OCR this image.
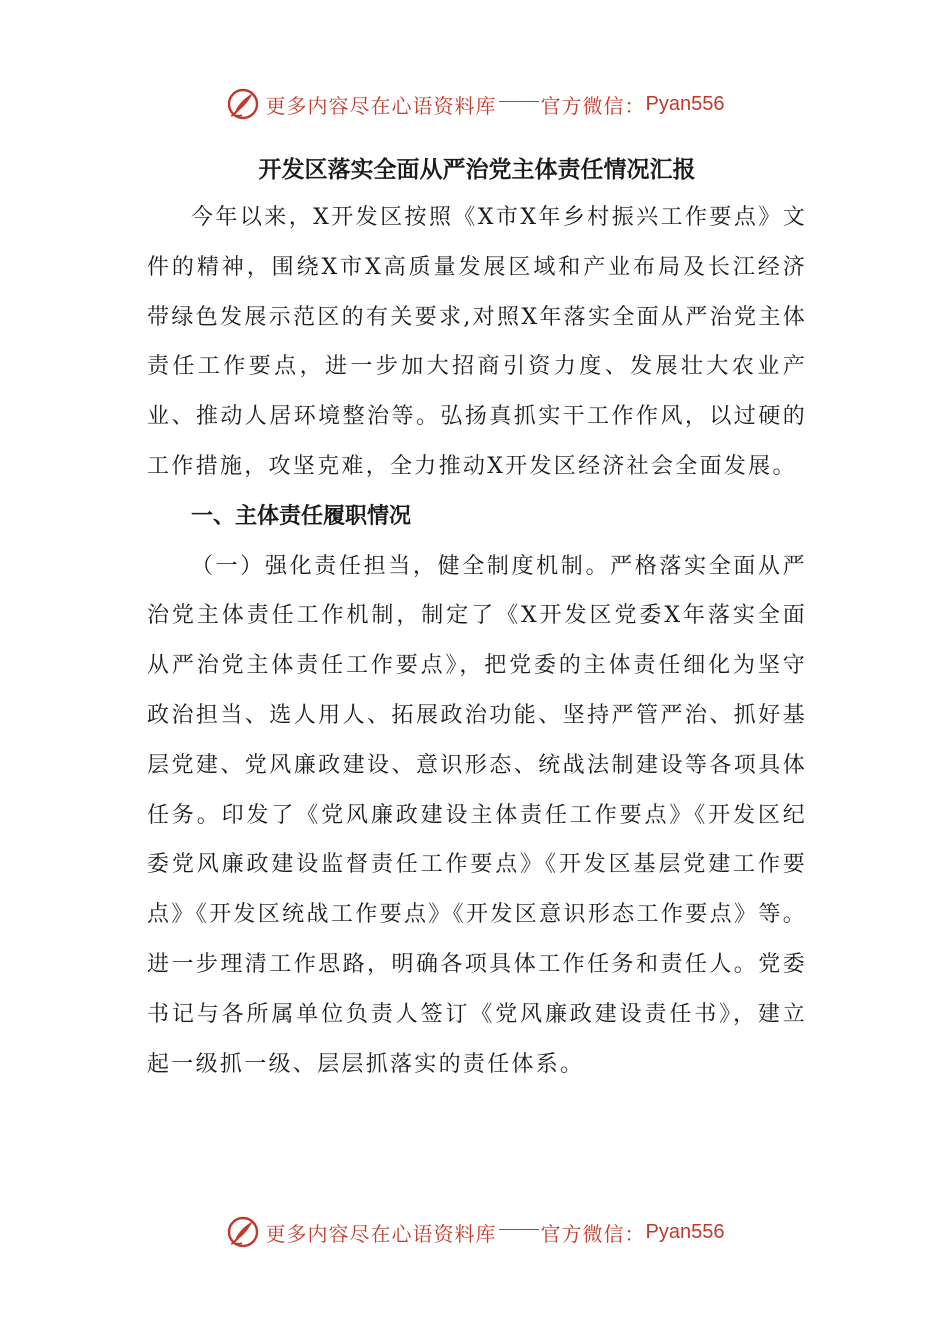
更多内容尽在心语资料库 官方微信： Pyan556
开发区落实全面从严治党主体责任情况汇报

今年以来，X开发区按照《X市X年乡村振兴工作要点》文件的精神，围绕X市X高质量发展区域和产业布局及长江经济带绿色发展示范区的有关要求,对照X年落实全面从严治党主体责任工作要点，进一步加大招商引资力度、发展壮大农业产业、推动人居环境整治等。弘扬真抓实干工作作风，以过硬的工作措施，攻坚克难，全力推动X开发区经济社会全面发展。

一、主体责任履职情况

（一）强化责任担当，健全制度机制。严格落实全面从严治党主体责任工作机制，制定了《X开发区党委X年落实全面从严治党主体责任工作要点》，把党委的主体责任细化为坚守政治担当、选人用人、拓展政治功能、坚持严管严治、抓好基层党建、党风廉政建设、意识形态、统战法制建设等各项具体任务。印发了《党风廉政建设主体责任工作要点》《开发区纪委党风廉政建设监督责任工作要点》《开发区基层党建工作要点》《开发区统战工作要点》《开发区意识形态工作要点》等。进一步理清工作思路，明确各项具体工作任务和责任人。党委书记与各所属单位负责人签订《党风廉政建设责任书》，建立起一级抓一级、层层抓落实的责任体系。

更多内容尽在心语资料库 官方微信： Pyan556
